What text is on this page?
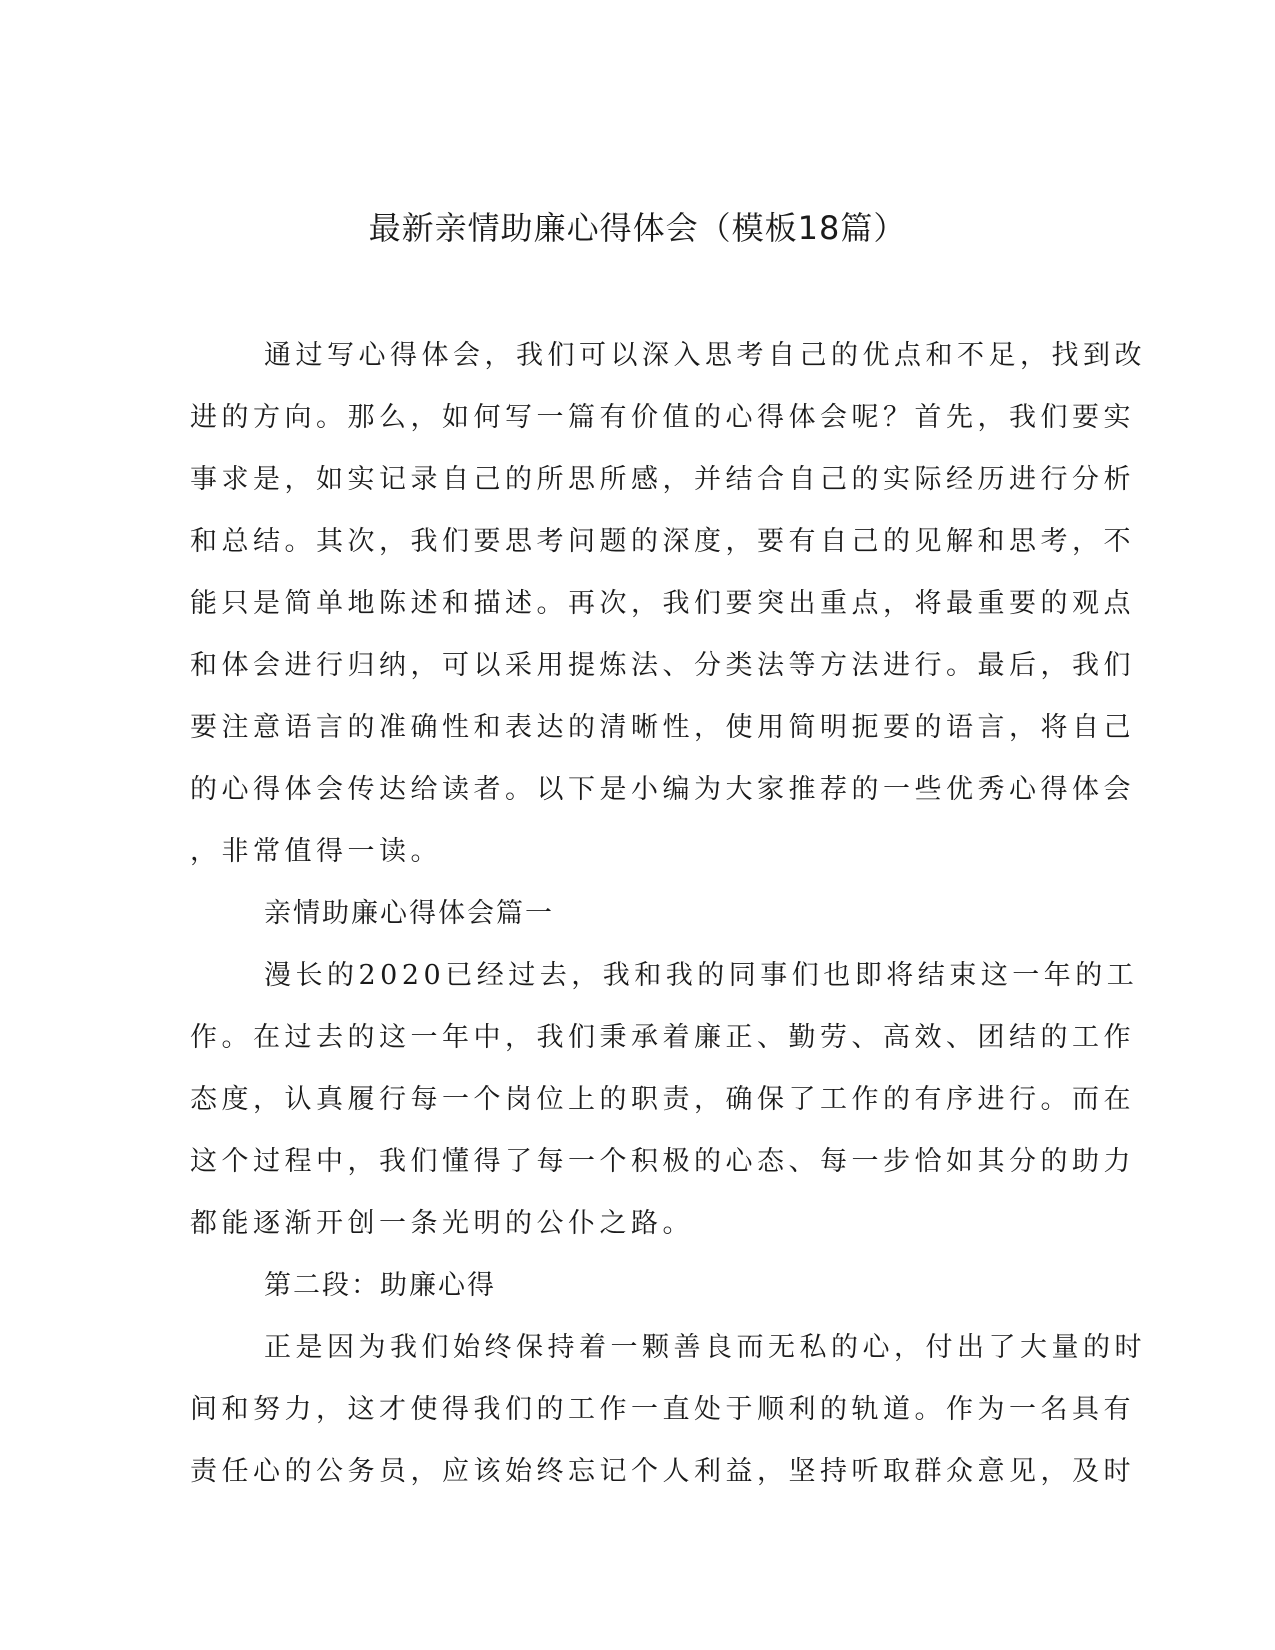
最新亲情助廉心得体会（模板18篇）
通过写心得体会，我们可以深入思考自己的优点和不足，找到改
进的方向。那么，如何写一篇有价值的心得体会呢？首先，我们要实
事求是，如实记录自己的所思所感，并结合自己的实际经历进行分析
和总结。其次，我们要思考问题的深度，要有自己的见解和思考，不
能只是简单地陈述和描述。再次，我们要突出重点，将最重要的观点
和体会进行归纳，可以采用提炼法、分类法等方法进行。最后，我们
要注意语言的准确性和表达的清晰性，使用简明扼要的语言，将自己
的心得体会传达给读者。以下是小编为大家推荐的一些优秀心得体会
，非常值得一读。
亲情助廉心得体会篇一
漫长的2020已经过去，我和我的同事们也即将结束这一年的工
作。在过去的这一年中，我们秉承着廉正、勤劳、高效、团结的工作
态度，认真履行每一个岗位上的职责，确保了工作的有序进行。而在
这个过程中，我们懂得了每一个积极的心态、每一步恰如其分的助力
都能逐渐开创一条光明的公仆之路。
第二段：助廉心得
正是因为我们始终保持着一颗善良而无私的心，付出了大量的时
间和努力，这才使得我们的工作一直处于顺利的轨道。作为一名具有
责任心的公务员，应该始终忘记个人利益，坚持听取群众意见，及时
